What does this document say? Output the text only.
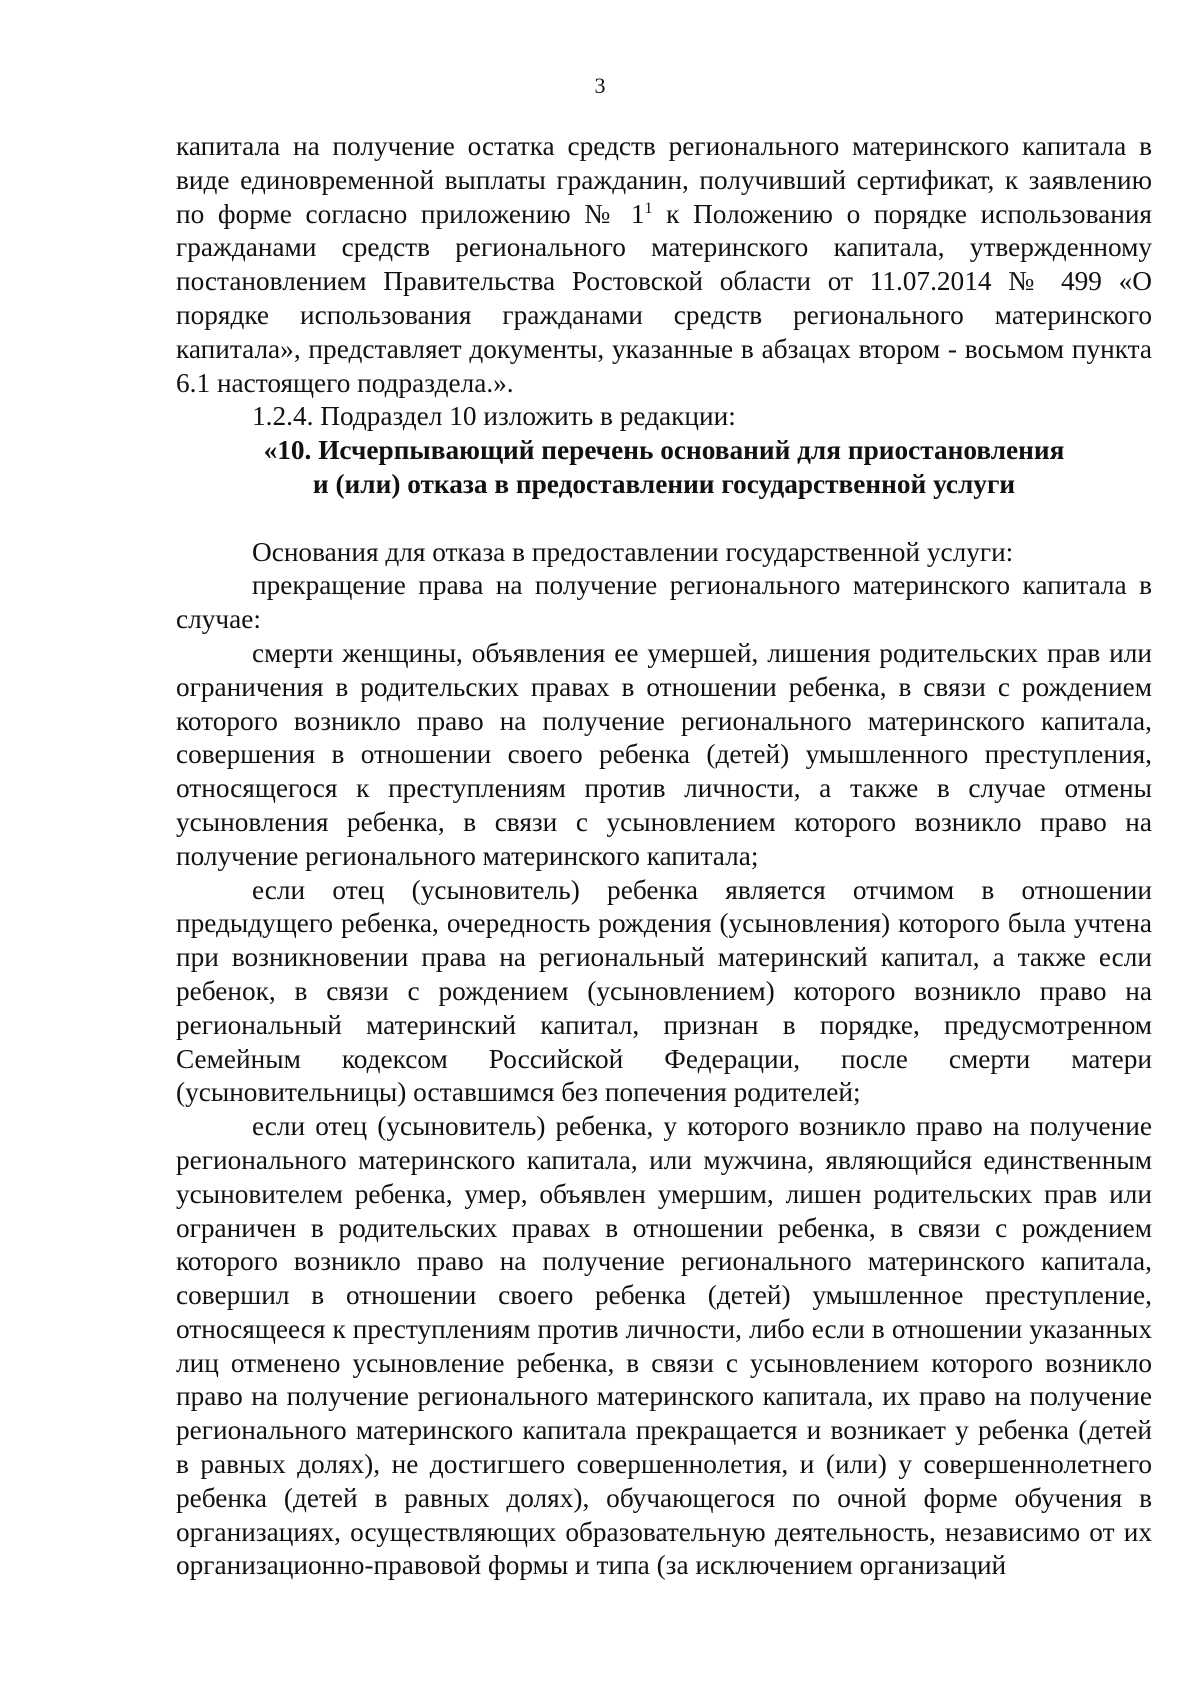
3

капитала на получение остатка средств регионального материнского капитала в виде единовременной выплаты гражданин, получивший сертификат, к заявлению по форме согласно приложению № $1^1$ к Положению о порядке использования гражданами средств регионального материнского капитала, утвержденному постановлением Правительства Ростовской области от 11.07.2014 № 499 «О порядке использования гражданами средств регионального материнского капитала», представляет документы, указанные в абзацах втором - восьмом пункта 6.1 настоящего подраздела.».

1.2.4. Подраздел 10 изложить в редакции:

«10. Исчерпывающий перечень оснований для приостановления
и (или) отказа в предоставлении государственной услуги

Основания для отказа в предоставлении государственной услуги:

прекращение права на получение регионального материнского капитала в случае:

смерти женщины, объявления ее умершей, лишения родительских прав или ограничения в родительских правах в отношении ребенка, в связи с рождением которого возникло право на получение регионального материнского капитала, совершения в отношении своего ребенка (детей) умышленного преступления, относящегося к преступлениям против личности, а также в случае отмены усыновления ребенка, в связи с усыновлением которого возникло право на получение регионального материнского капитала;

если отец (усыновитель) ребенка является отчимом в отношении предыдущего ребенка, очередность рождения (усыновления) которого была учтена при возникновении права на региональный материнский капитал, а также если ребенок, в связи с рождением (усыновлением) которого возникло право на региональный материнский капитал, признан в порядке, предусмотренном Семейным кодексом Российской Федерации, после смерти матери (усыновительницы) оставшимся без попечения родителей;

если отец (усыновитель) ребенка, у которого возникло право на получение регионального материнского капитала, или мужчина, являющийся единственным усыновителем ребенка, умер, объявлен умершим, лишен родительских прав или ограничен в родительских правах в отношении ребенка, в связи с рождением которого возникло право на получение регионального материнского капитала, совершил в отношении своего ребенка (детей) умышленное преступление, относящееся к преступлениям против личности, либо если в отношении указанных лиц отменено усыновление ребенка, в связи с усыновлением которого возникло право на получение регионального материнского капитала, их право на получение регионального материнского капитала прекращается и возникает у ребенка (детей в равных долях), не достигшего совершеннолетия, и (или) у совершеннолетнего ребенка (детей в равных долях), обучающегося по очной форме обучения в организациях, осуществляющих образовательную деятельность, независимо от их организационно-правовой формы и типа (за исключением организаций
